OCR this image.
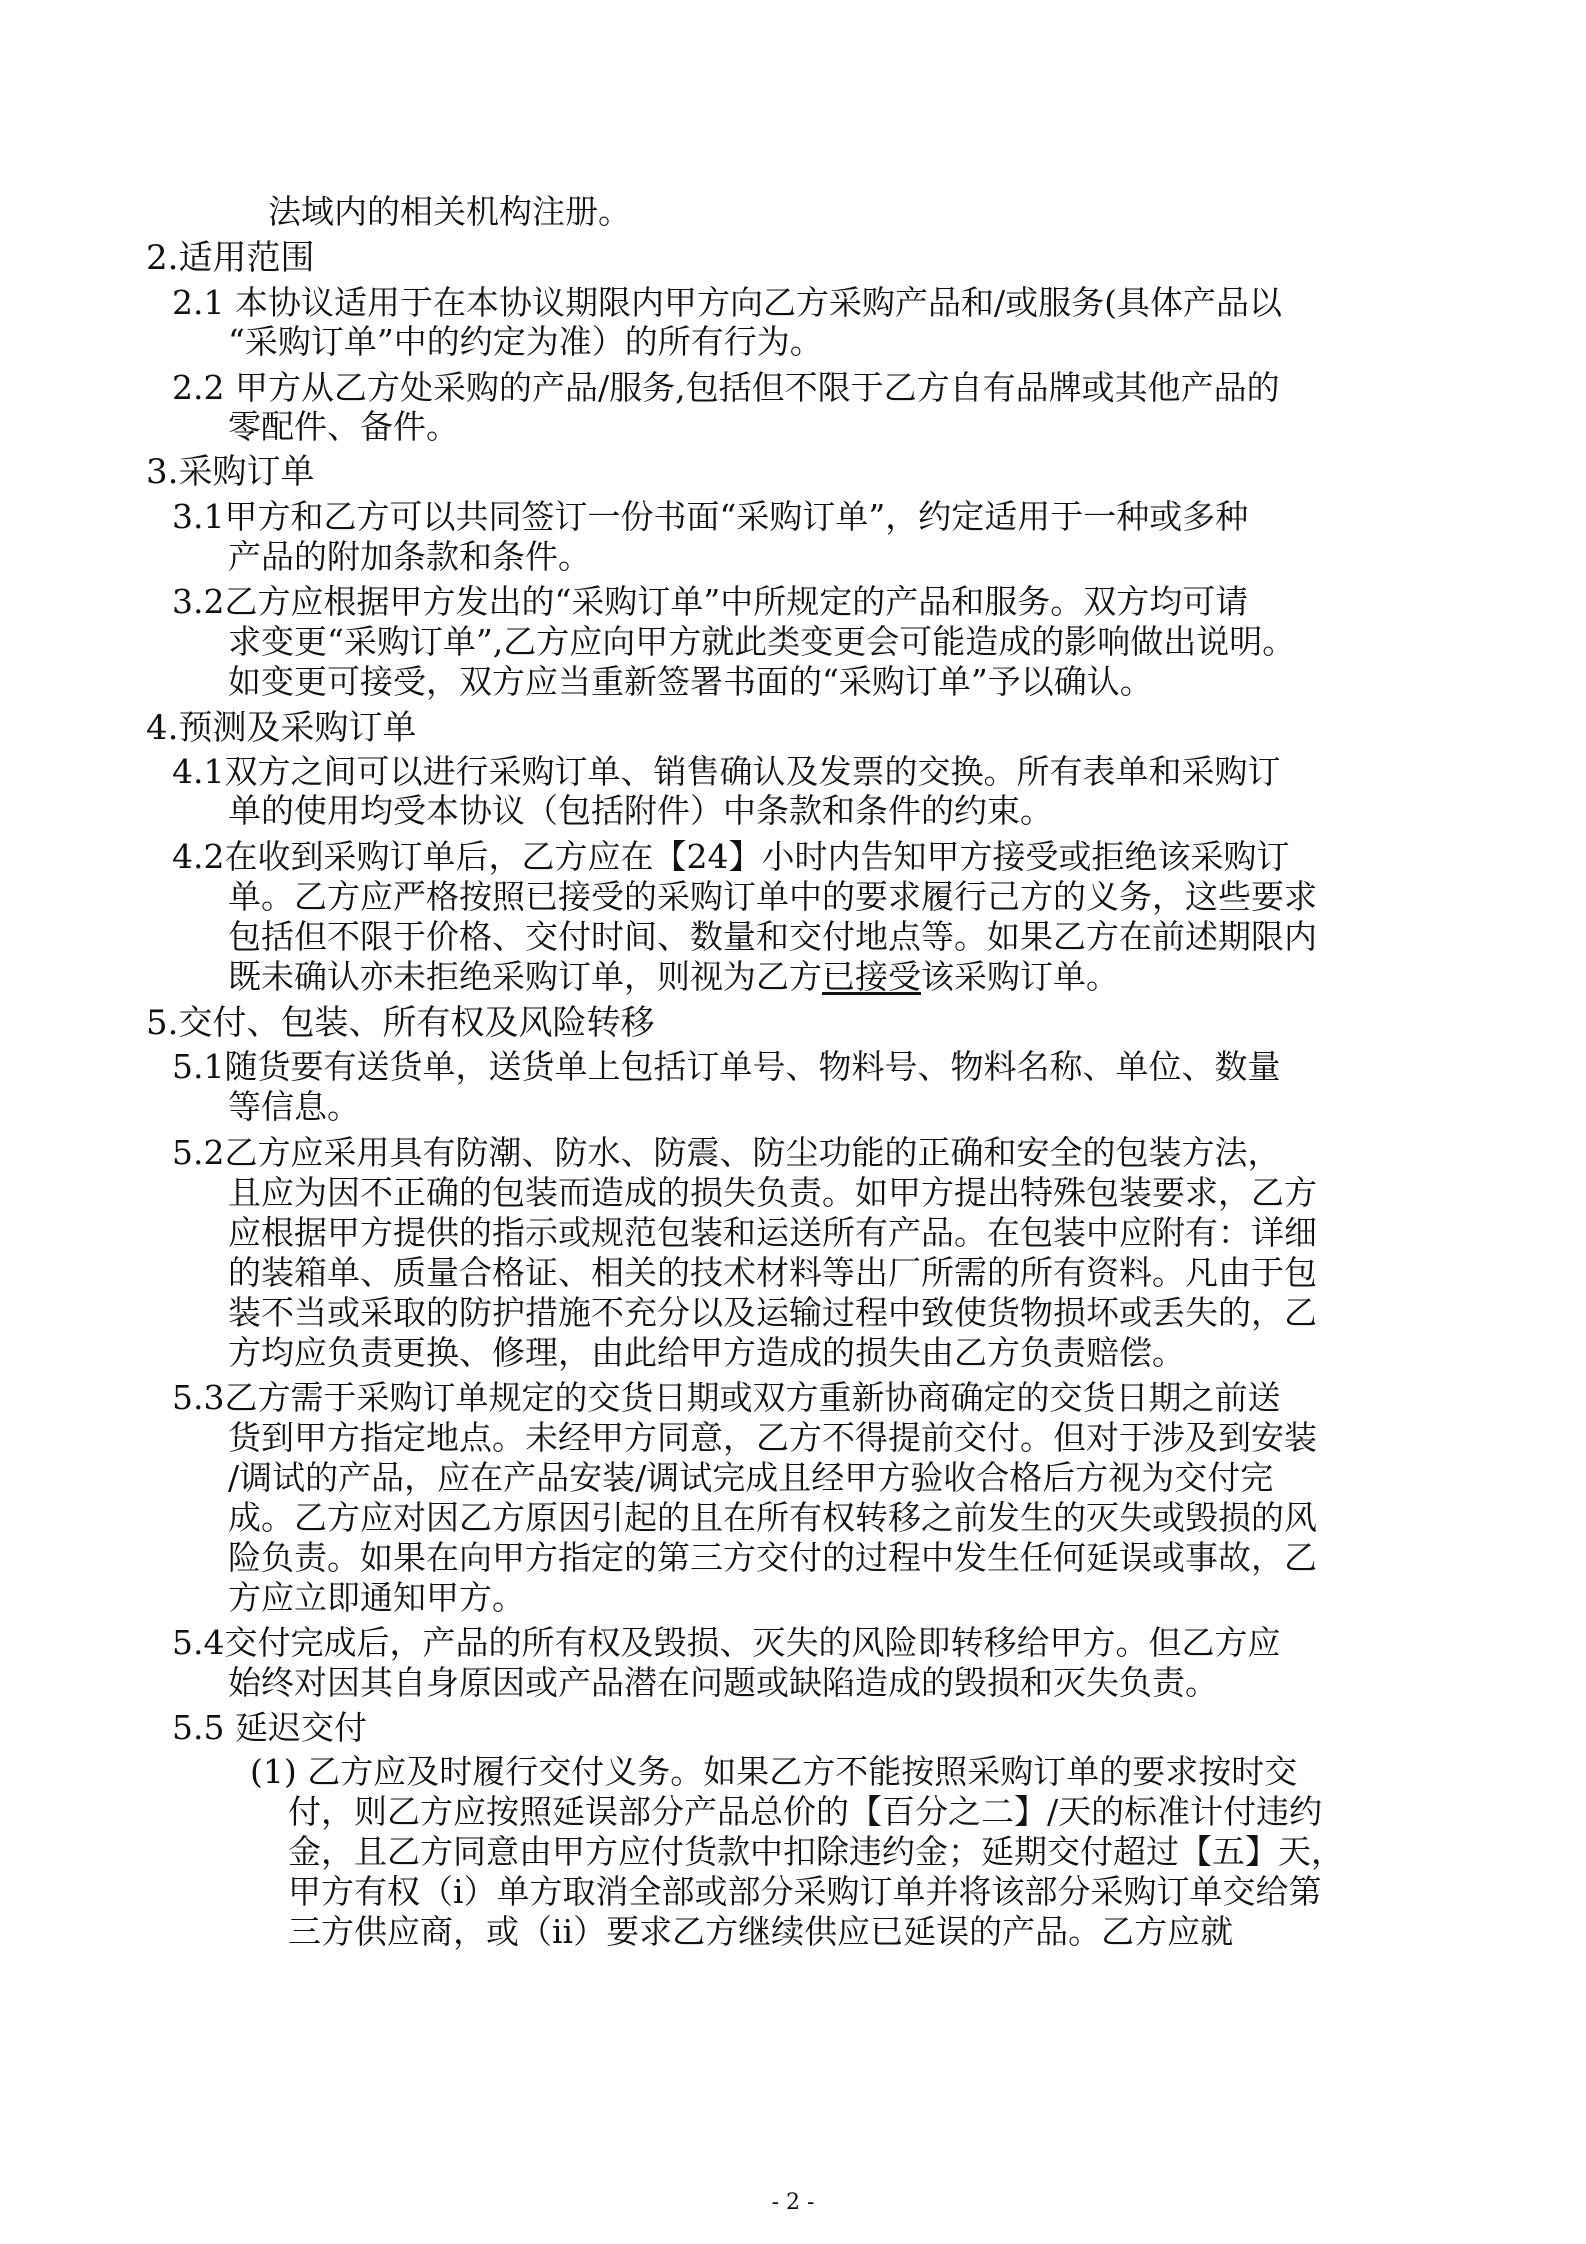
法域内的相关机构注册。
2.适用范围
2.1 本协议适用于在本协议期限内甲方向乙方采购产品和/或服务(具体产品以
“采购订单”中的约定为准）的所有行为。
2.2 甲方从乙方处采购的产品/服务,包括但不限于乙方自有品牌或其他产品的
零配件、备件。
3.采购订单
3.1甲方和乙方可以共同签订一份书面“采购订单”，约定适用于一种或多种
产品的附加条款和条件。
3.2乙方应根据甲方发出的“采购订单”中所规定的产品和服务。双方均可请
求变更“采购订单”,乙方应向甲方就此类变更会可能造成的影响做出说明。
如变更可接受，双方应当重新签署书面的“采购订单”予以确认。
4.预测及采购订单
4.1双方之间可以进行采购订单、销售确认及发票的交换。所有表单和采购订
单的使用均受本协议（包括附件）中条款和条件的约束。
4.2在收到采购订单后，乙方应在【24】小时内告知甲方接受或拒绝该采购订
单。乙方应严格按照已接受的采购订单中的要求履行己方的义务，这些要求
包括但不限于价格、交付时间、数量和交付地点等。如果乙方在前述期限内
既未确认亦未拒绝采购订单，则视为乙方已接受该采购订单。
5.交付、包装、所有权及风险转移
5.1随货要有送货单，送货单上包括订单号、物料号、物料名称、单位、数量
等信息。
5.2乙方应采用具有防潮、防水、防震、防尘功能的正确和安全的包装方法，
且应为因不正确的包装而造成的损失负责。如甲方提出特殊包装要求，乙方
应根据甲方提供的指示或规范包装和运送所有产品。在包装中应附有：详细
的装箱单、质量合格证、相关的技术材料等出厂所需的所有资料。凡由于包
装不当或采取的防护措施不充分以及运输过程中致使货物损坏或丢失的，乙
方均应负责更换、修理，由此给甲方造成的损失由乙方负责赔偿。
5.3乙方需于采购订单规定的交货日期或双方重新协商确定的交货日期之前送
货到甲方指定地点。未经甲方同意，乙方不得提前交付。但对于涉及到安装
/调试的产品，应在产品安装/调试完成且经甲方验收合格后方视为交付完
成。乙方应对因乙方原因引起的且在所有权转移之前发生的灭失或毁损的风
险负责。如果在向甲方指定的第三方交付的过程中发生任何延误或事故，乙
方应立即通知甲方。
5.4交付完成后，产品的所有权及毁损、灭失的风险即转移给甲方。但乙方应
始终对因其自身原因或产品潜在问题或缺陷造成的毁损和灭失负责。
5.5 延迟交付
(1) 乙方应及时履行交付义务。如果乙方不能按照采购订单的要求按时交
付，则乙方应按照延误部分产品总价的【百分之二】/天的标准计付违约
金，且乙方同意由甲方应付货款中扣除违约金；延期交付超过【五】天，
甲方有权（i）单方取消全部或部分采购订单并将该部分采购订单交给第
三方供应商，或（ii）要求乙方继续供应已延误的产品。乙方应就
- 2 -
